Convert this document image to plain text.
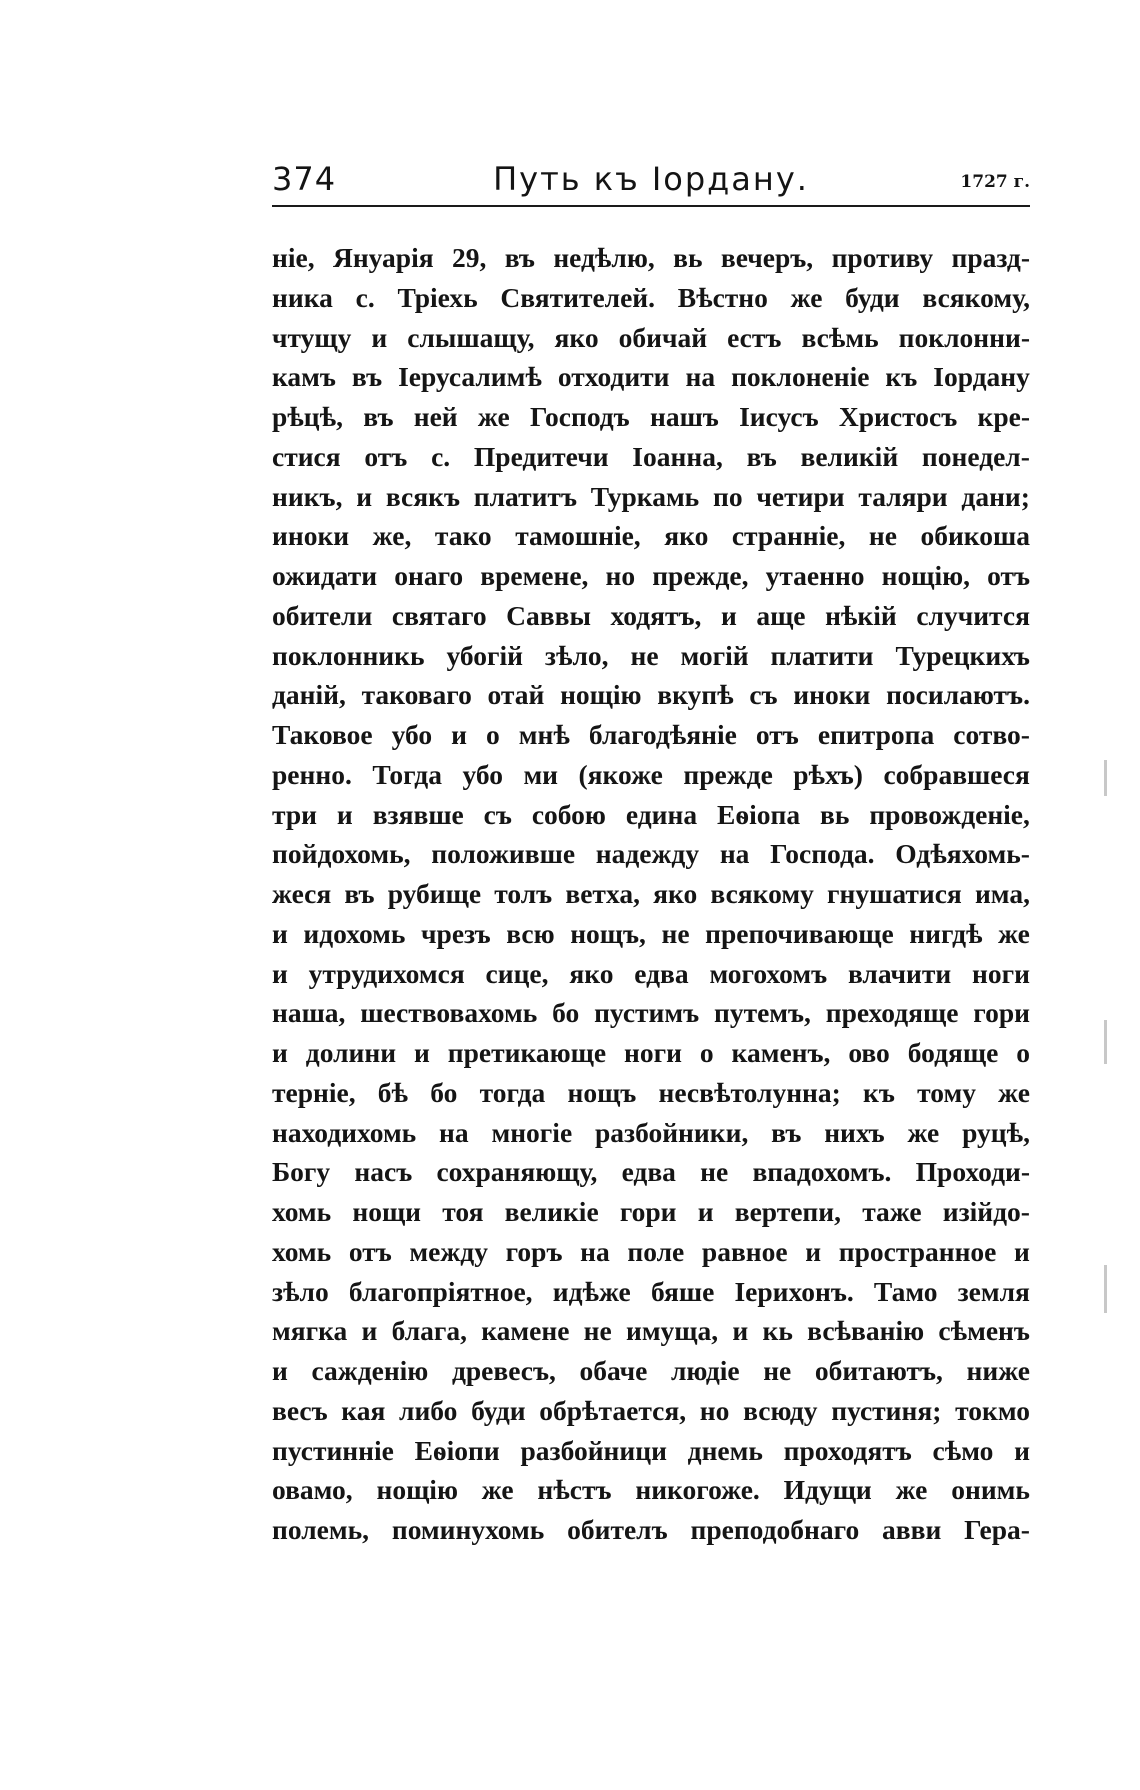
374	Путь къ Іордану.	1727 г.
ніе, Януарія 29, въ недѣлю, вь вечеръ, противу празд-
ника с. Тріехь Святителей. Вѣстно же буди всякому,
чтущу и слышащу, яко обичай естъ всѣмь поклонни-
камъ въ Іерусалимѣ отходити на поклоненіе къ Іордану
рѣцѣ, въ ней же Господъ нашъ Іисусъ Христосъ кре-
стися отъ с. Предитечи Іоанна, въ великій понедел-
никъ, и всякъ платитъ Туркамь по четири таляри дани;
иноки же, тако тамошніе, яко странніе, не обикоша
ожидати онаго времене, но прежде, утаенно нощію, отъ
обители святаго Саввы ходятъ, и аще нѣкій случится
поклонникь убогій зѣло, не могій платити Турецкихъ
даній, таковаго отай нощію вкупѣ съ иноки посилаютъ.
Таковое убо и о мнѣ благодѣяніе отъ епитропа сотво-
ренно. Тогда убо ми (якоже прежде рѣхъ) собравшеся
три и взявше съ собою едина Еѳіопа вь провожденіе,
пойдохомь, положивше надежду на Господа. Одѣяхомь-
жеся въ рубище толъ ветха, яко всякому гнушатися има,
и идохомь чрезъ всю нощъ, не препочивающе нигдѣ же
и утрудихомся сице, яко едва могохомъ влачити ноги
наша, шествовахомь бо пустимъ путемъ, преходяще гори
и долини и претикающе ноги о каменъ, ово бодяще о
терніе, бѣ бо тогда нощъ несвѣтолунна; къ тому же
находихомь на многіе разбойники, въ нихъ же руцѣ,
Богу насъ сохраняющу, едва не впадохомъ. Проходи-
хомь нощи тоя великіе гори и вертепи, таже изійдо-
хомь отъ между горъ на поле равное и пространное и
зѣло благопріятное, идѣже бяше Іерихонъ. Тамо земля
мягка и блага, камене не имуща, и кь всѣванію сѣменъ
и сажденію древесъ, обаче людіе не обитаютъ, ниже
весъ кая либо буди обрѣтается, но всюду пустиня; токмо
пустинніе Еѳіопи разбойници днемь проходятъ сѣмо и
овамо, нощію же нѣстъ никогоже. Идущи же онимь
полемь, поминухомь обителъ преподобнаго авви Гера-
